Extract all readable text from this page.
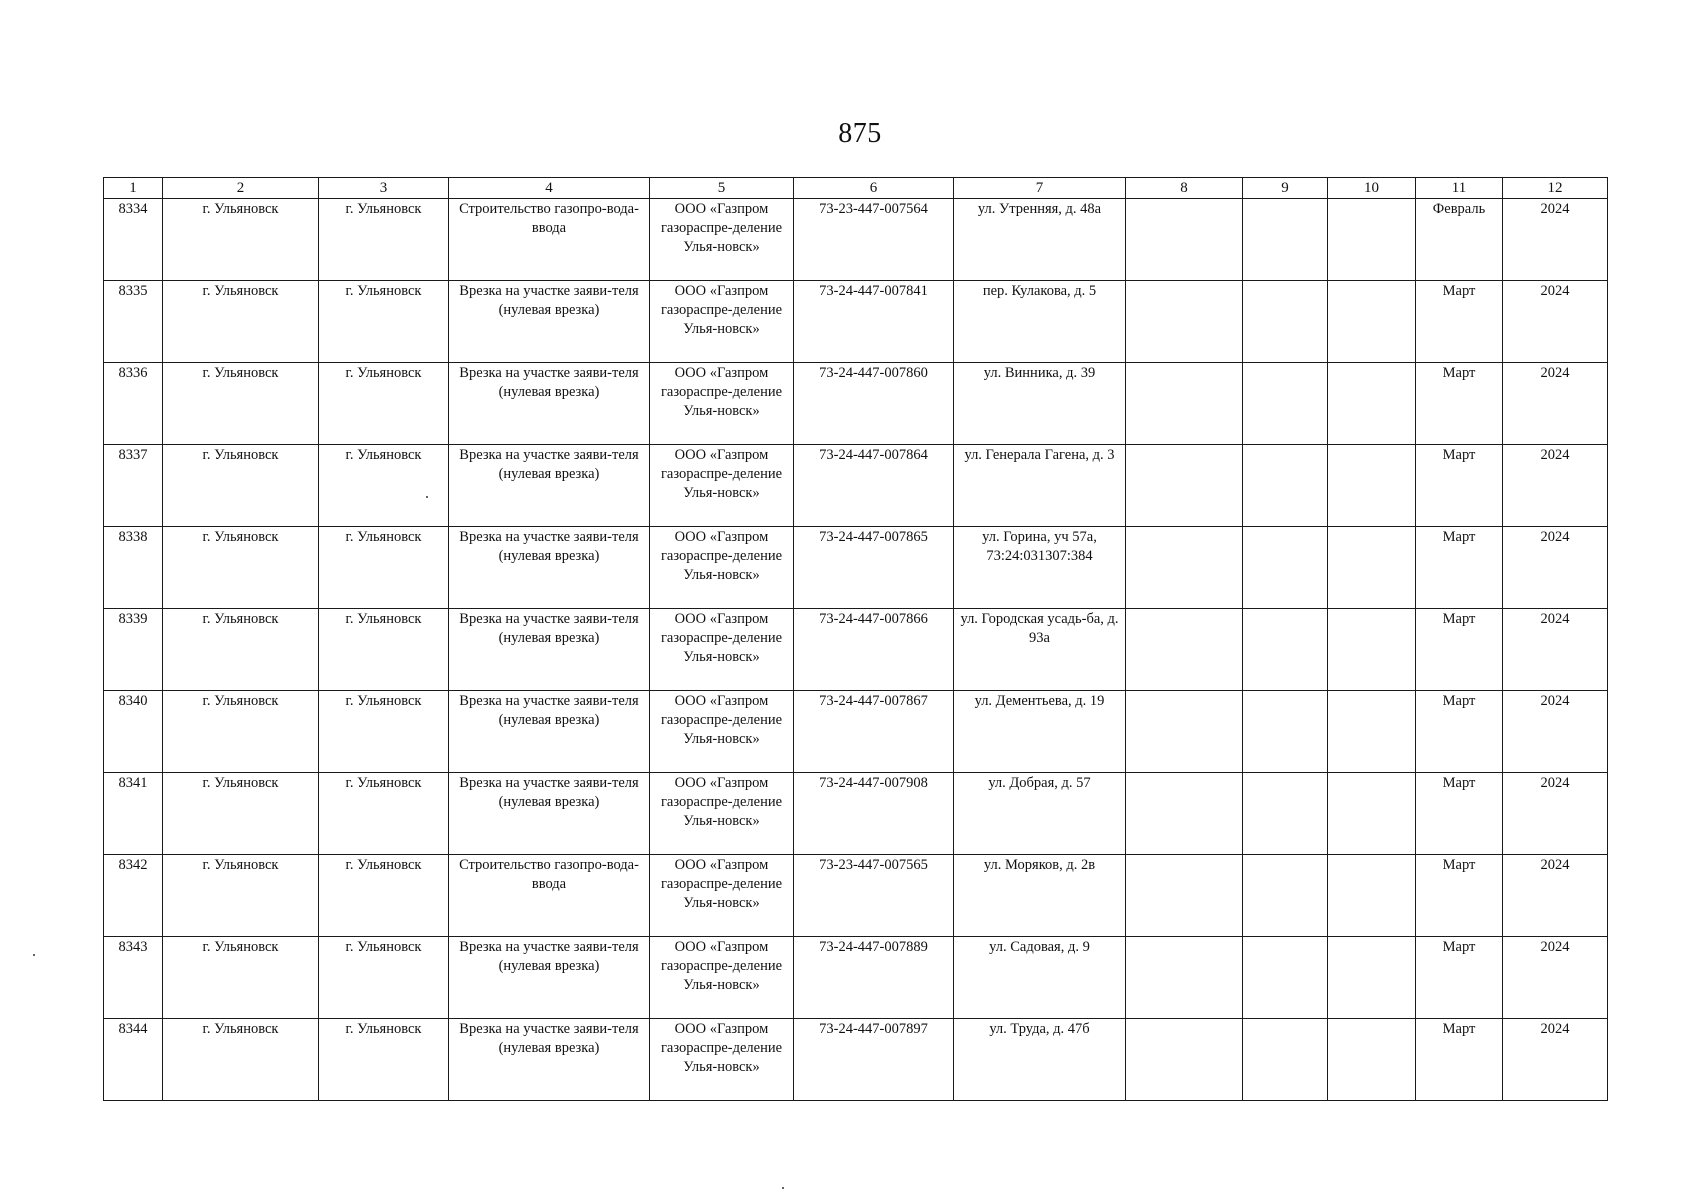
875
1	2	3	4	5	6	7	8	9	10	11	12
8334	г. Ульяновск	г. Ульяновск	Строительство газопро-вода-ввода	ООО «Газпром газораспре-деление Улья-новск»	73-23-447-007564	ул. Утренняя, д. 48а				Февраль	2024
8335	г. Ульяновск	г. Ульяновск	Врезка на участке заяви-теля (нулевая врезка)	ООО «Газпром газораспре-деление Улья-новск»	73-24-447-007841	пер. Кулакова, д. 5				Март	2024
8336	г. Ульяновск	г. Ульяновск	Врезка на участке заяви-теля (нулевая врезка)	ООО «Газпром газораспре-деление Улья-новск»	73-24-447-007860	ул. Винника, д. 39				Март	2024
8337	г. Ульяновск	г. Ульяновск	Врезка на участке заяви-теля (нулевая врезка)	ООО «Газпром газораспре-деление Улья-новск»	73-24-447-007864	ул. Генерала Гагена, д. 3				Март	2024
8338	г. Ульяновск	г. Ульяновск	Врезка на участке заяви-теля (нулевая врезка)	ООО «Газпром газораспре-деление Улья-новск»	73-24-447-007865	ул. Горина, уч 57а, 73:24:031307:384				Март	2024
8339	г. Ульяновск	г. Ульяновск	Врезка на участке заяви-теля (нулевая врезка)	ООО «Газпром газораспре-деление Улья-новск»	73-24-447-007866	ул. Городская усадь-ба, д. 93а				Март	2024
8340	г. Ульяновск	г. Ульяновск	Врезка на участке заяви-теля (нулевая врезка)	ООО «Газпром газораспре-деление Улья-новск»	73-24-447-007867	ул. Дементьева, д. 19				Март	2024
8341	г. Ульяновск	г. Ульяновск	Врезка на участке заяви-теля (нулевая врезка)	ООО «Газпром газораспре-деление Улья-новск»	73-24-447-007908	ул. Добрая, д. 57				Март	2024
8342	г. Ульяновск	г. Ульяновск	Строительство газопро-вода-ввода	ООО «Газпром газораспре-деление Улья-новск»	73-23-447-007565	ул. Моряков, д. 2в				Март	2024
8343	г. Ульяновск	г. Ульяновск	Врезка на участке заяви-теля (нулевая врезка)	ООО «Газпром газораспре-деление Улья-новск»	73-24-447-007889	ул. Садовая, д. 9				Март	2024
8344	г. Ульяновск	г. Ульяновск	Врезка на участке заяви-теля (нулевая врезка)	ООО «Газпром газораспре-деление Улья-новск»	73-24-447-007897	ул. Труда, д. 47б				Март	2024
